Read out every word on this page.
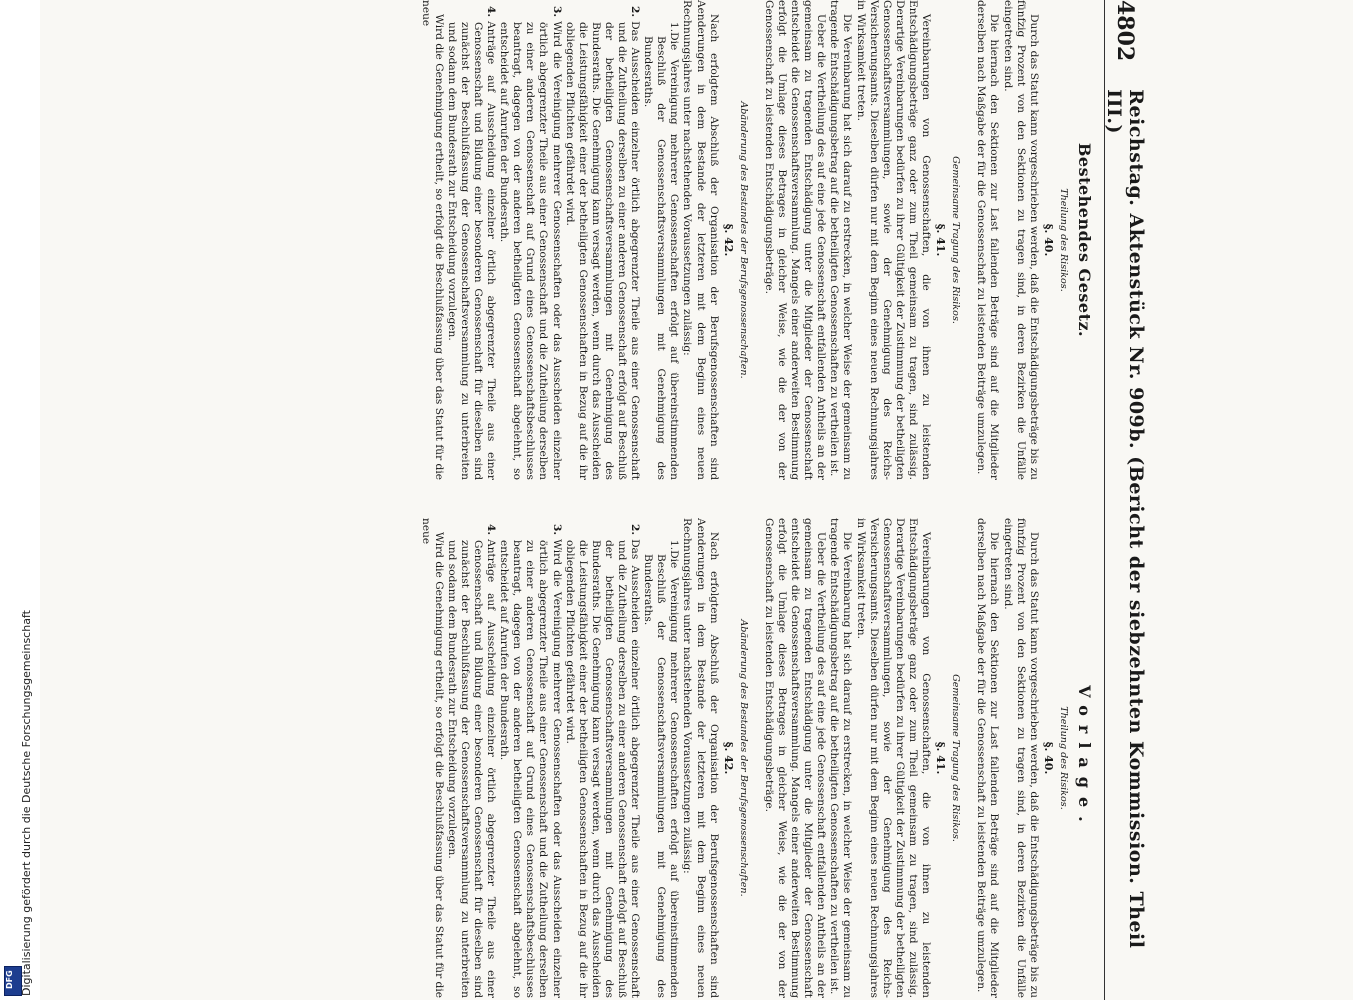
DFG Digitalisierung gefördert durch die Deutsche Forschungsgemeinschaft
4802
Reichstag. Aktenstück Nr. 909b. (Bericht der siebzehnten Kommission. Theil III.)
Bestehendes Gesetz.
Theilung des Risikos.
§. 40.

Durch das Statut kann vorgeschrieben werden, daß die Entschädigungsbeträge bis zu fünfzig Prozent von den Sektionen zu tragen sind, in deren Bezirken die Unfälle eingetreten sind.

Die hiernach den Sektionen zur Last fallenden Beträge sind auf die Mitglieder derselben nach Maßgabe der für die Genossenschaft zu leistenden Beiträge umzulegen.

Gemeinsame Tragung des Risikos.
§. 41.

Vereinbarungen von Genossenschaften, die von ihnen zu leistenden Entschädigungsbeträge ganz oder zum Theil gemeinsam zu tragen, sind zulässig. Derartige Vereinbarungen bedürfen zu ihrer Gültigkeit der Zustimmung der betheiligten Genossenschaftsversammlungen, sowie der Genehmigung des Reichs-Versicherungsamts. Dieselben dürfen nur mit dem Beginn eines neuen Rechnungsjahres in Wirksamkeit treten.

Die Vereinbarung hat sich darauf zu erstrecken, in welcher Weise der gemeinsam zu tragende Entschädigungsbetrag auf die betheiligten Genossenschaften zu vertheilen ist.

Ueber die Vertheilung des auf eine jede Genossenschaft entfallenden Antheils an der gemeinsam zu tragenden Entschädigung unter die Mitglieder der Genossenschaft entscheidet die Genossenschaftsversammlung. Mangels einer anderweiten Bestimmung erfolgt die Umlage dieses Betrages in gleicher Weise, wie die der von der Genossenschaft zu leistenden Entschädigungsbeträge.

Abänderung des Bestandes der Berufsgenossenschaften.
§. 42.

Nach erfolgtem Abschluß der Organisation der Berufsgenossenschaften sind Aenderungen in dem Bestande der letzteren mit dem Beginn eines neuen Rechnungsjahres unter nachstehenden Voraussetzungen zulässig:

1.Die Vereinigung mehrerer Genossenschaften erfolgt auf übereinstimmenden Beschluß der Genossenschaftsversammlungen mit Genehmigung des Bundesraths.

2.Das Ausscheiden einzelner örtlich abgegrenzter Theile aus einer Genossenschaft und die Zutheilung derselben zu einer anderen Genossenschaft erfolgt auf Beschluß der betheiligten Genossenschaftsversammlungen mit Genehmigung des Bundesraths. Die Genehmigung kann versagt werden, wenn durch das Ausscheiden die Leistungsfähigkeit einer der betheiligten Genossenschaften in Bezug auf die ihr obliegenden Pflichten gefährdet wird.

3.Wird die Vereinigung mehrerer Genossenschaften oder das Ausscheiden einzelner örtlich abgegrenzter Theile aus einer Genossenschaft und die Zutheilung derselben zu einer anderen Genossenschaft auf Grund eines Genossenschaftsbeschlusses beantragt, dagegen von der anderen betheiligten Genossenschaft abgelehnt, so entscheidet auf Anrufen der Bundesrath.

4.Anträge auf Ausscheidung einzelner örtlich abgegrenzter Theile aus einer Genossenschaft und Bildung einer besonderen Genossenschaft für dieselben sind zunächst der Beschlußfassung der Genossenschaftsversammlung zu unterbreiten und sodann dem Bundesrath zur Entscheidung vorzulegen.

Wird die Genehmigung ertheilt, so erfolgt die Beschlußfassung über das Statut für die neue

Vorlage.
Theilung des Risikos.
§. 40.

Durch das Statut kann vorgeschrieben werden, daß die Entschädigungsbeträge bis zu fünfzig Prozent von den Sektionen zu tragen sind, in deren Bezirken die Unfälle eingetreten sind.

Die hiernach den Sektionen zur Last fallenden Beträge sind auf die Mitglieder derselben nach Maßgabe der für die Genossenschaft zu leistenden Beiträge umzulegen.

Gemeinsame Tragung des Risikos.
§. 41.

Vereinbarungen von Genossenschaften, die von ihnen zu leistenden Entschädigungsbeträge ganz oder zum Theil gemeinsam zu tragen, sind zulässig. Derartige Vereinbarungen bedürfen zu ihrer Gültigkeit der Zustimmung der betheiligten Genossenschaftsversammlungen, sowie der Genehmigung des Reichs-Versicherungsamts. Dieselben dürfen nur mit dem Beginn eines neuen Rechnungsjahres in Wirksamkeit treten.

Die Vereinbarung hat sich darauf zu erstrecken, in welcher Weise der gemeinsam zu tragende Entschädigungsbetrag auf die betheiligten Genossenschaften zu vertheilen ist.

Ueber die Vertheilung des auf eine jede Genossenschaft entfallenden Antheils an der gemeinsam zu tragenden Entschädigung unter die Mitglieder der Genossenschaft entscheidet die Genossenschaftsversammlung. Mangels einer anderweiten Bestimmung erfolgt die Umlage dieses Betrages in gleicher Weise, wie die der von der Genossenschaft zu leistenden Entschädigungsbeträge.

Abänderung des Bestandes der Berufsgenossenschaften.
§. 42.

Nach erfolgtem Abschluß der Organisation der Berufsgenossenschaften sind Aenderungen in dem Bestande der letzteren mit dem Beginn eines neuen Rechnungsjahres unter nachstehenden Voraussetzungen zulässig:

1.Die Vereinigung mehrerer Genossenschaften erfolgt auf übereinstimmenden Beschluß der Genossenschaftsversammlungen mit Genehmigung des Bundesraths.

2.Das Ausscheiden einzelner örtlich abgegrenzter Theile aus einer Genossenschaft und die Zutheilung derselben zu einer anderen Genossenschaft erfolgt auf Beschluß der betheiligten Genossenschaftsversammlungen mit Genehmigung des Bundesraths. Die Genehmigung kann versagt werden, wenn durch das Ausscheiden die Leistungsfähigkeit einer der betheiligten Genossenschaften in Bezug auf die ihr obliegenden Pflichten gefährdet wird.

3.Wird die Vereinigung mehrerer Genossenschaften oder das Ausscheiden einzelner örtlich abgegrenzter Theile aus einer Genossenschaft und die Zutheilung derselben zu einer anderen Genossenschaft auf Grund eines Genossenschaftsbeschlusses beantragt, dagegen von der anderen betheiligten Genossenschaft abgelehnt, so entscheidet auf Anrufen der Bundesrath.

4.Anträge auf Ausscheidung einzelner örtlich abgegrenzter Theile aus einer Genossenschaft und Bildung einer besonderen Genossenschaft für dieselben sind zunächst der Beschlußfassung der Genossenschaftsversammlung zu unterbreiten und sodann dem Bundesrath zur Entscheidung vorzulegen.

Wird die Genehmigung ertheilt, so erfolgt die Beschlußfassung über das Statut für die neue
